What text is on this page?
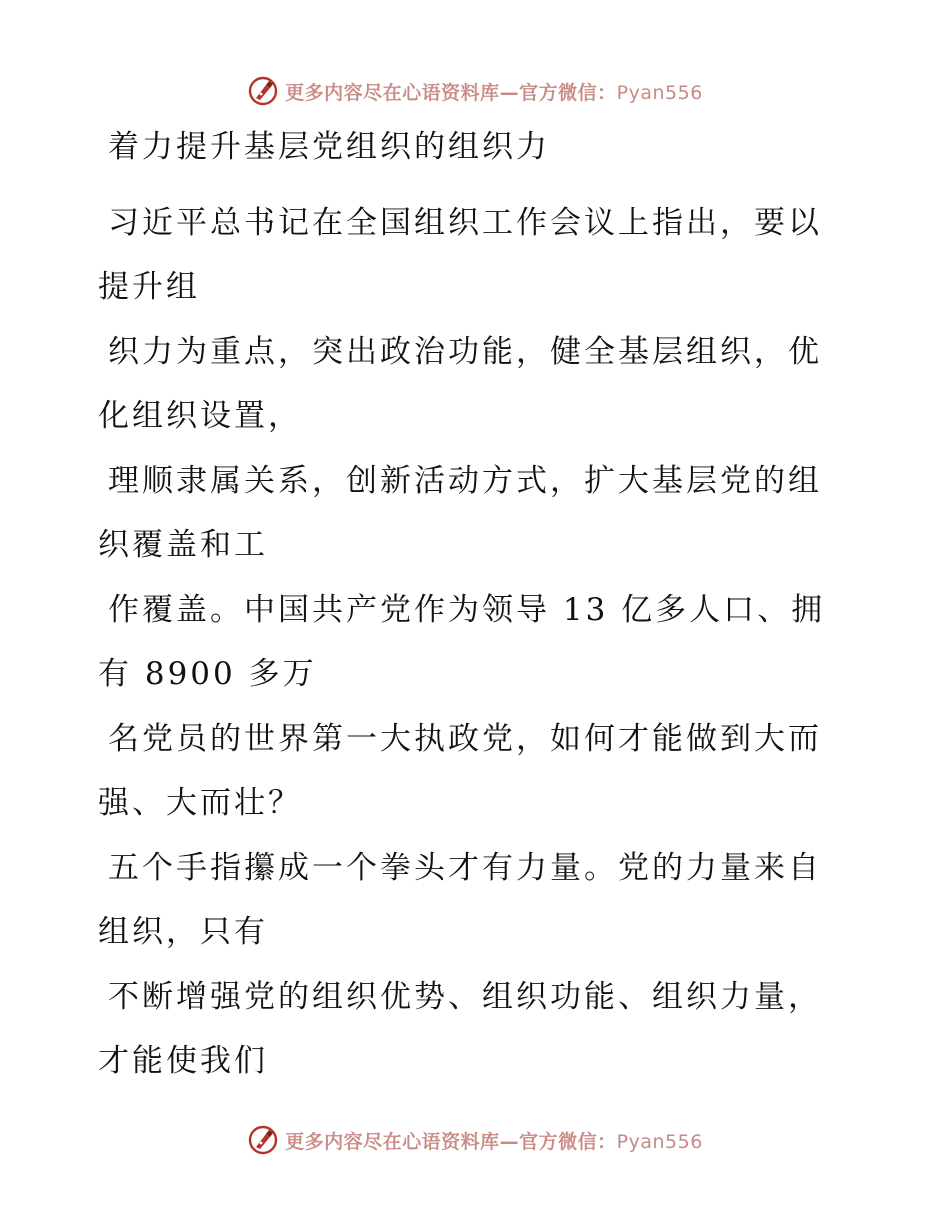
更多内容尽在心语资料库—官方微信：Pyan556
着力提升基层党组织的组织力
习近平总书记在全国组织工作会议上指出，要以
提升组
织力为重点，突出政治功能，健全基层组织，优
化组织设置，
理顺隶属关系，创新活动方式，扩大基层党的组
织覆盖和工
作覆盖。中国共产党作为领导 13 亿多人口、拥
有 8900 多万
名党员的世界第一大执政党，如何才能做到大而
强、大而壮？
五个手指攥成一个拳头才有力量。党的力量来自
组织，只有
不断增强党的组织优势、组织功能、组织力量，
才能使我们
更多内容尽在心语资料库—官方微信：Pyan556
